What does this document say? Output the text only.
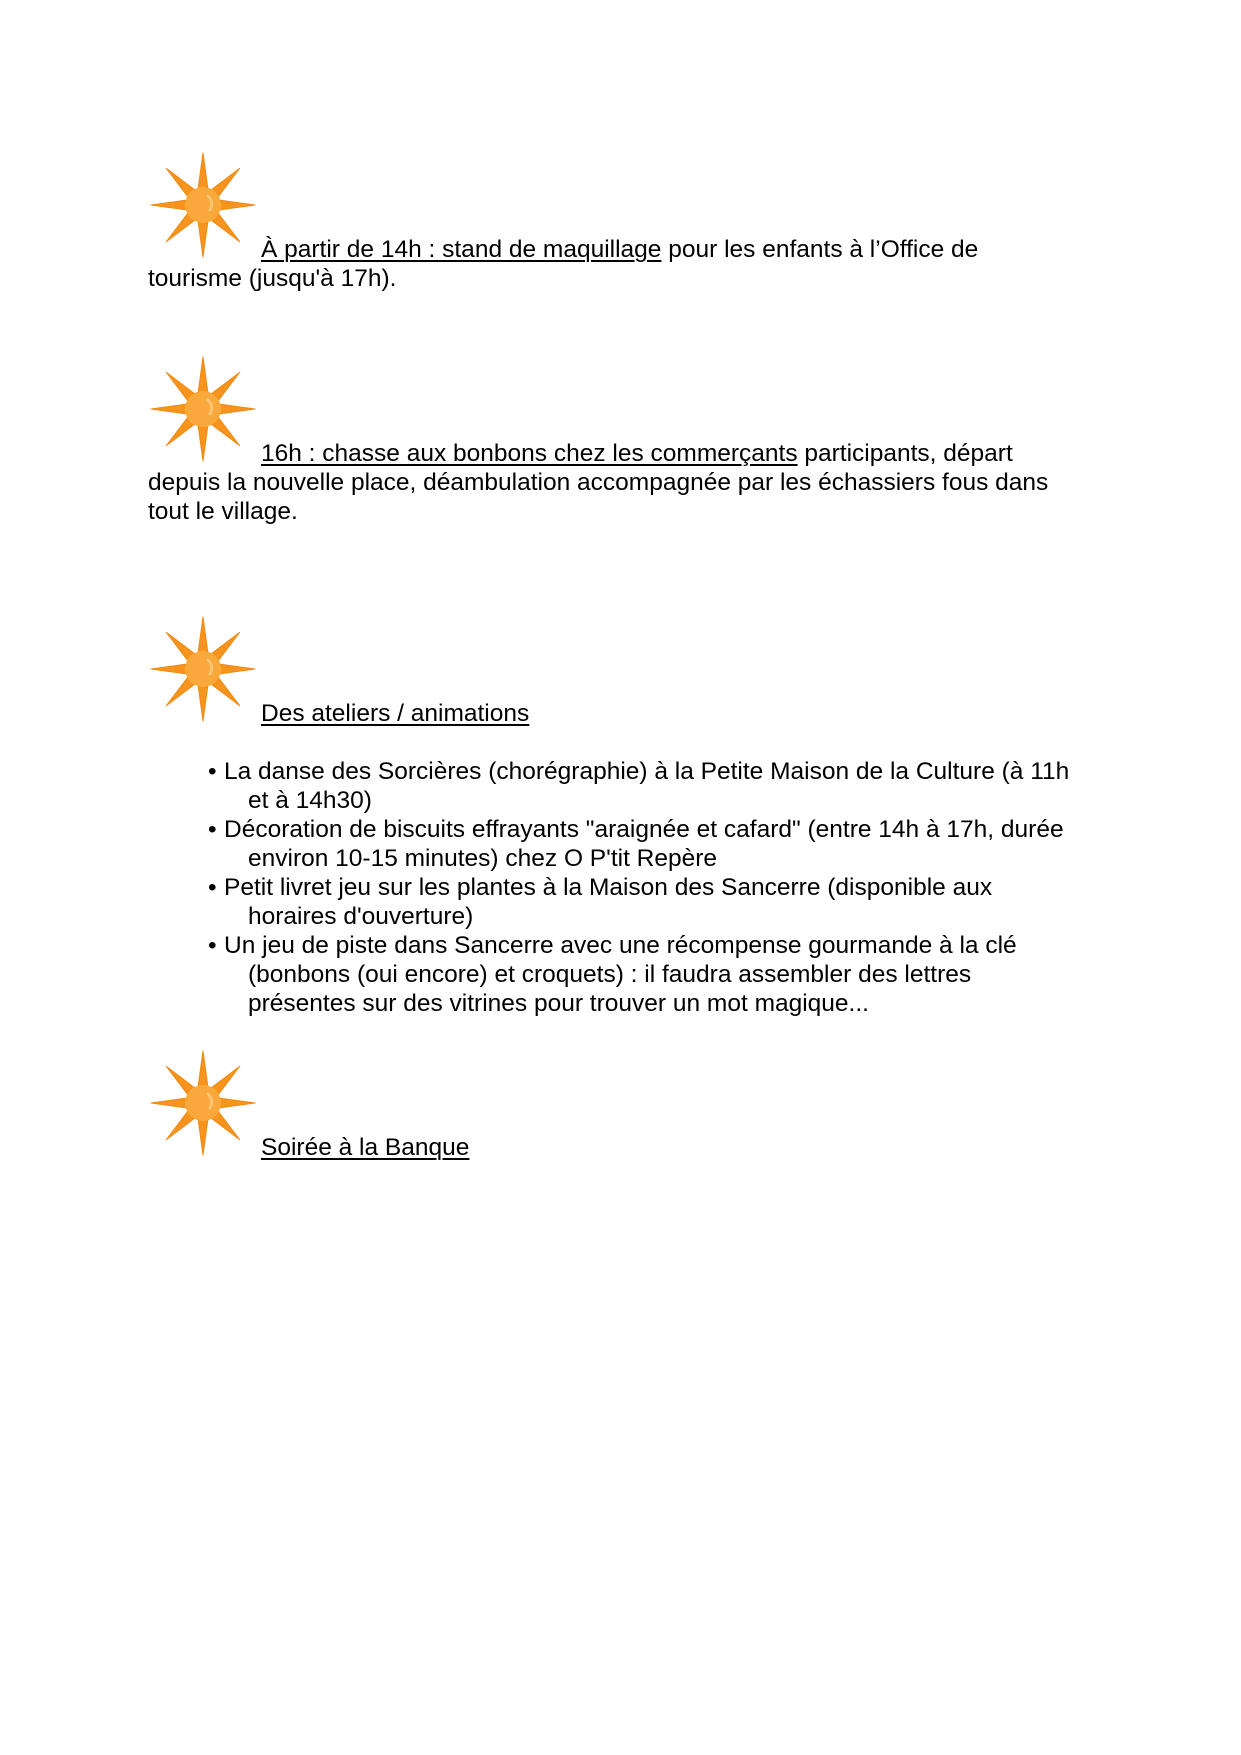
À partir de 14h : stand de maquillage pour les enfants à l’Office de
tourisme (jusqu'à 17h).
16h : chasse aux bonbons chez les commerçants participants, départ
depuis la nouvelle place, déambulation accompagnée par les échassiers fous dans
tout le village.
Des ateliers / animations
• La danse des Sorcières (chorégraphie) à la Petite Maison de la Culture (à 11h
et à 14h30)
• Décoration de biscuits effrayants "araignée et cafard" (entre 14h à 17h, durée
environ 10-15 minutes) chez O P'tit Repère
• Petit livret jeu sur les plantes à la Maison des Sancerre (disponible aux
horaires d'ouverture)
• Un jeu de piste dans Sancerre avec une récompense gourmande à la clé
(bonbons (oui encore) et croquets) : il faudra assembler des lettres
présentes sur des vitrines pour trouver un mot magique...
Soirée à la Banque
